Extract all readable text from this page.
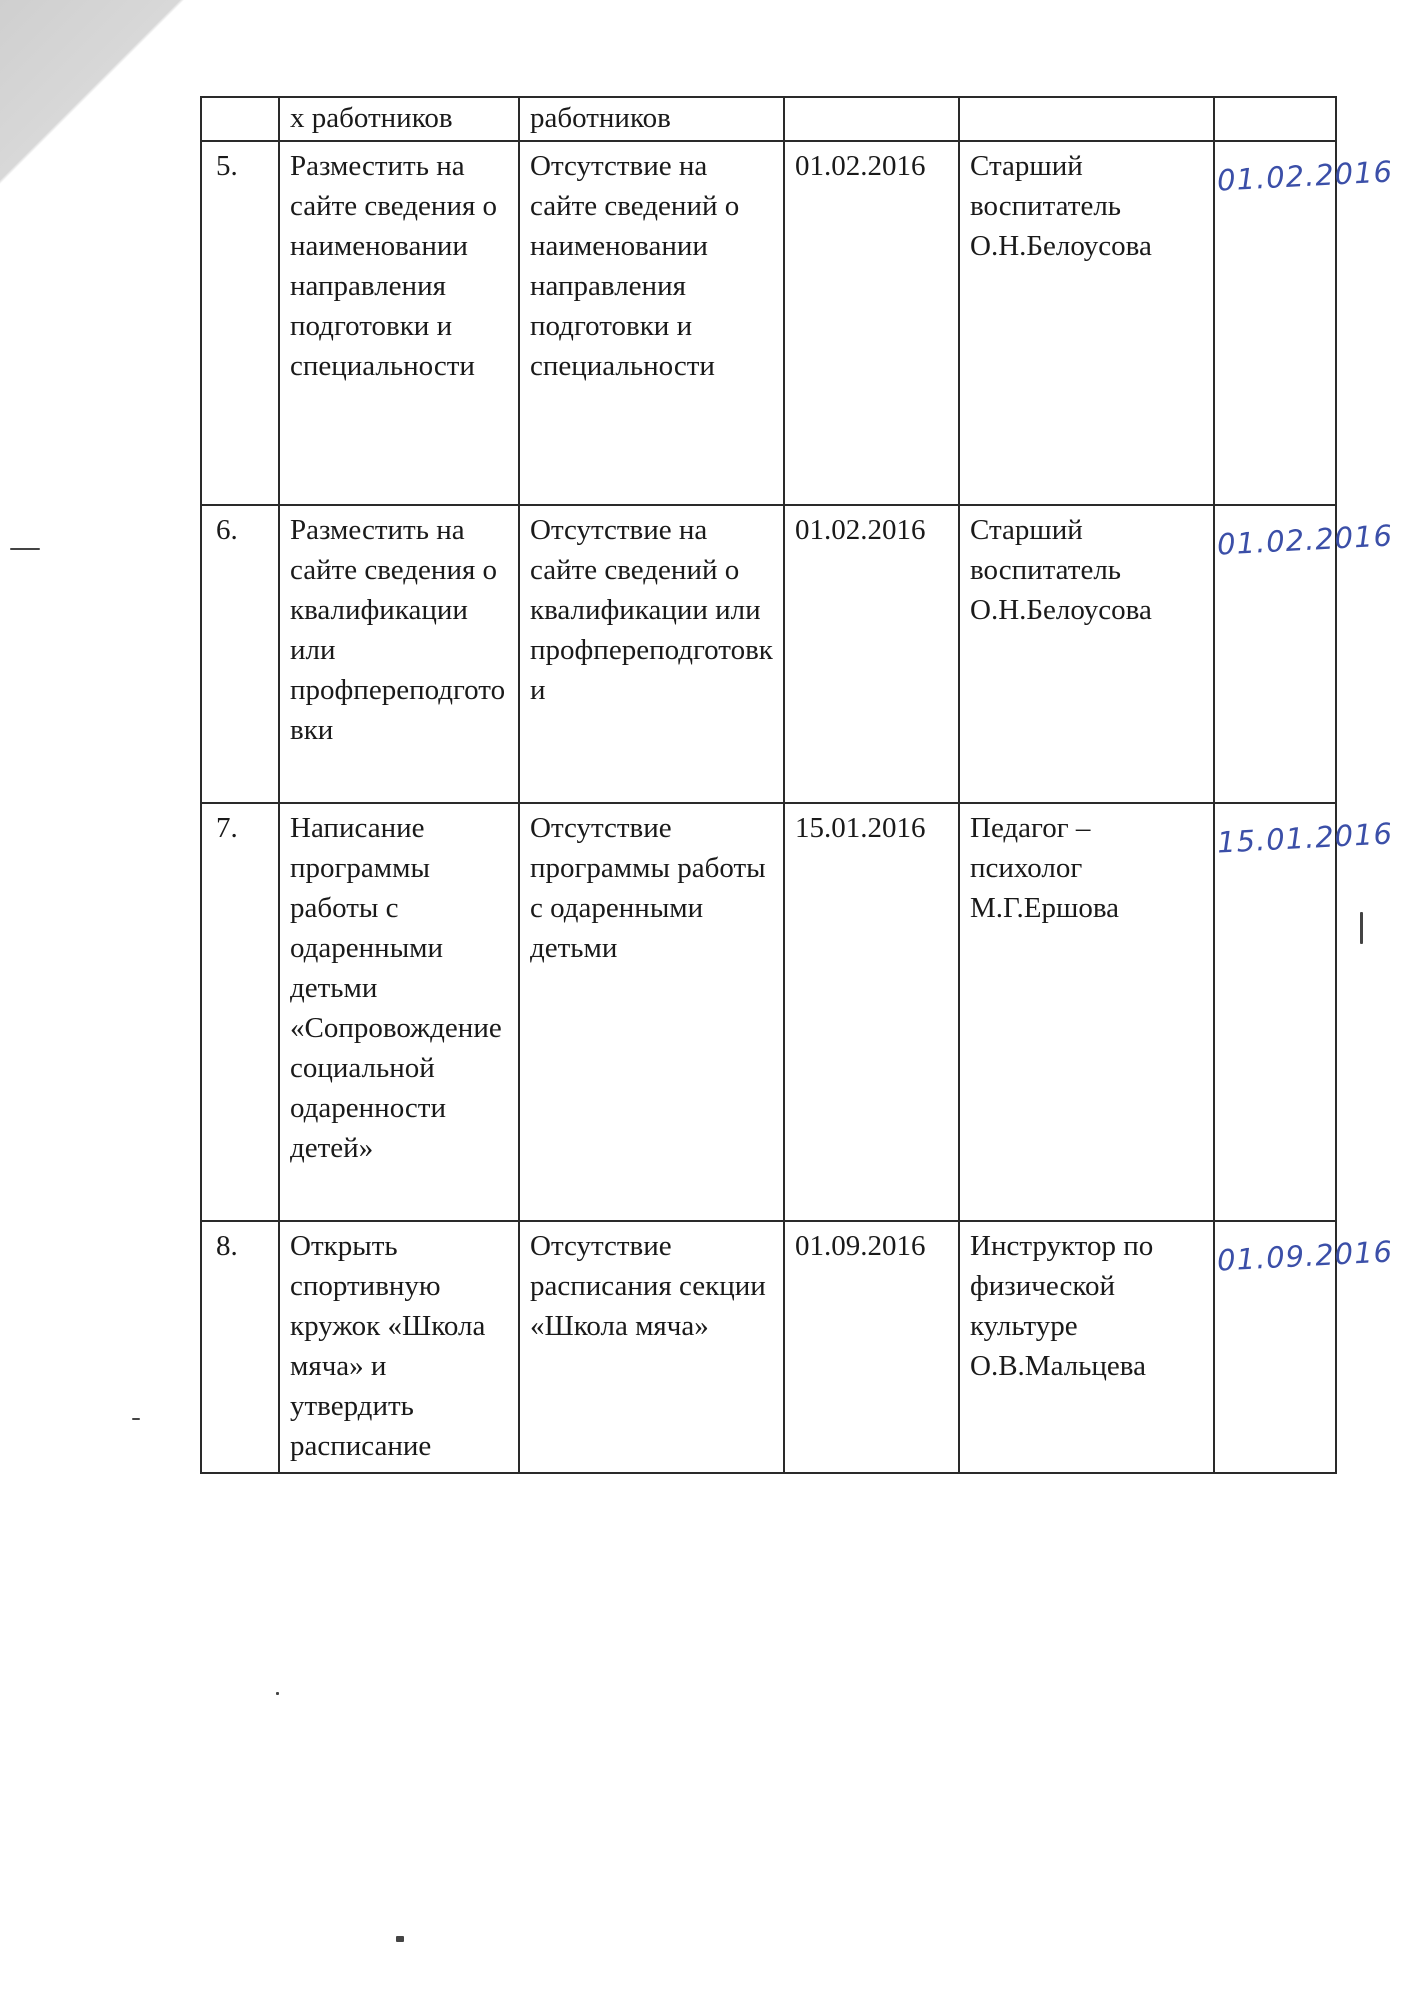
	х работников	работников			
5.	Разместить на сайте сведения о наименовании направления подготовки и специальности	Отсутствие на сайте сведений о наименовании направления подготовки и специальности	01.02.2016	Старший воспитатель О.Н.Белоусова	01.02.2016
6.	Разместить на сайте сведения о квалификации или профпереподготовки	Отсутствие на сайте сведений о квалификации или профпереподготовки	01.02.2016	Старший воспитатель О.Н.Белоусова	01.02.2016
7.	Написание программы работы с одаренными детьми «Сопровождение социальной одаренности детей»	Отсутствие программы работы с одаренными детьми	15.01.2016	Педагог – психолог М.Г.Ершова	15.01.2016
8.	Открыть спортивную кружок «Школа мяча» и утвердить расписание	Отсутствие расписания секции «Школа мяча»	01.09.2016	Инструктор по физической культуре О.В.Мальцева	01.09.2016
